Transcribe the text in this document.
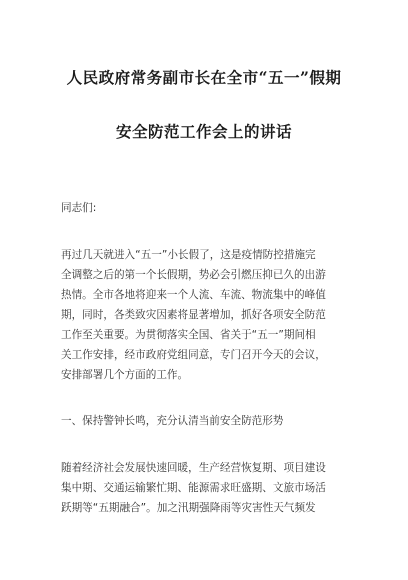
人民政府常务副市长在全市“五一”假期
安全防范工作会上的讲话
同志们:
再过几天就进入“五一”小长假了，这是疫情防控措施完
全调整之后的第一个长假期，势必会引燃压抑已久的出游
热情。全市各地将迎来一个人流、车流、物流集中的峰值
期，同时，各类致灾因素将显著增加，抓好各项安全防范
工作至关重要。为贯彻落实全国、省关于“五一”期间相
关工作安排，经市政府党组同意，专门召开今天的会议，
安排部署几个方面的工作。
一、保持警钟长鸣，充分认清当前安全防范形势
随着经济社会发展快速回暖，生产经营恢复期、项目建设
集中期、交通运输繁忙期、能源需求旺盛期、文旅市场活
跃期等“五期融合”。加之汛期强降雨等灾害性天气频发
